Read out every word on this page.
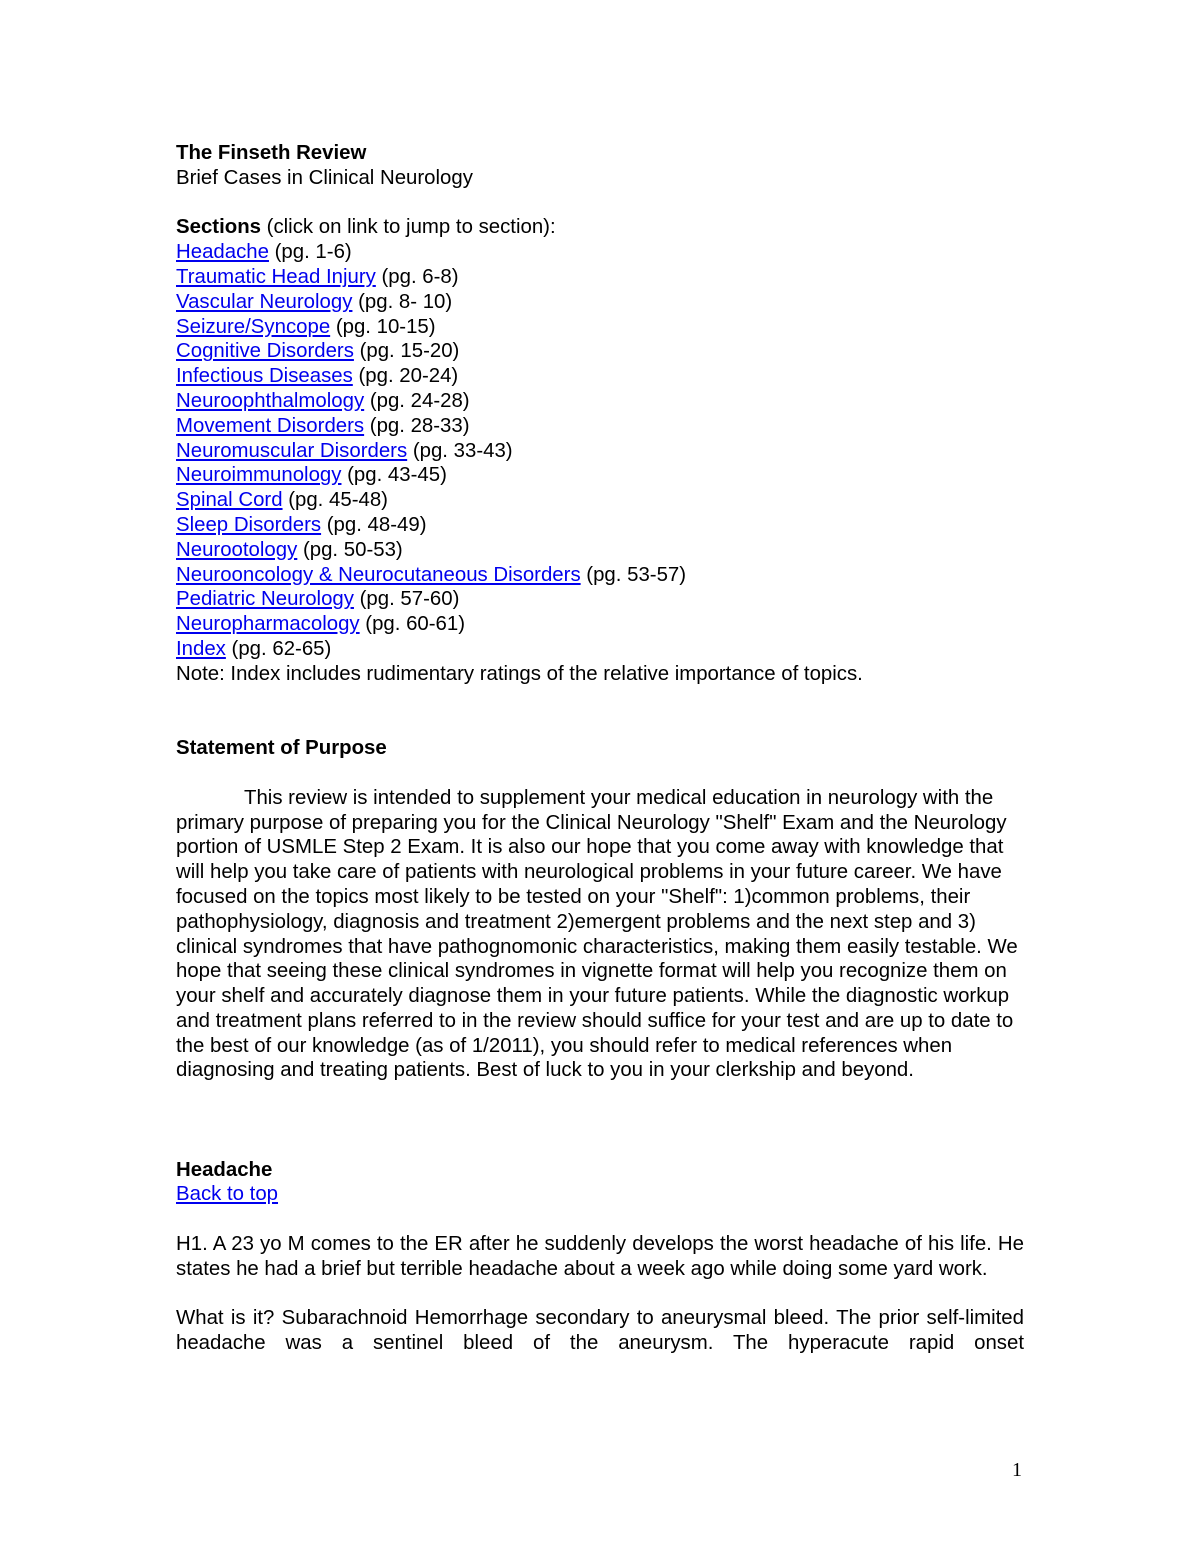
The Finseth Review
Brief Cases in Clinical Neurology
Sections (click on link to jump to section):
Headache (pg. 1-6)
Traumatic Head Injury (pg. 6-8)
Vascular Neurology (pg. 8- 10)
Seizure/Syncope (pg. 10-15)
Cognitive Disorders (pg. 15-20)
Infectious Diseases (pg. 20-24)
Neuroophthalmology (pg. 24-28)
Movement Disorders (pg. 28-33)
Neuromuscular Disorders (pg. 33-43)
Neuroimmunology (pg. 43-45)
Spinal Cord (pg. 45-48)
Sleep Disorders (pg. 48-49)
Neurootology (pg. 50-53)
Neurooncology & Neurocutaneous Disorders (pg. 53-57)
Pediatric Neurology (pg. 57-60)
Neuropharmacology (pg. 60-61)
Index (pg. 62-65)
Note: Index includes rudimentary ratings of the relative importance of topics.
Statement of Purpose
This review is intended to supplement your medical education in neurology with the primary purpose of preparing you for the Clinical Neurology "Shelf" Exam and the Neurology portion of USMLE Step 2 Exam. It is also our hope that you come away with knowledge that will help you take care of patients with neurological problems in your future career. We have focused on the topics most likely to be tested on your "Shelf": 1)common problems, their pathophysiology, diagnosis and treatment 2)emergent problems and the next step and 3) clinical syndromes that have pathognomonic characteristics, making them easily testable. We hope that seeing these clinical syndromes in vignette format will help you recognize them on your shelf and accurately diagnose them in your future patients. While the diagnostic workup and treatment plans referred to in the review should suffice for your test and are up to date to the best of our knowledge (as of 1/2011), you should refer to medical references when diagnosing and treating patients. Best of luck to you in your clerkship and beyond.
Headache
Back to top
H1. A 23 yo M comes to the ER after he suddenly develops the worst headache of his life. He states he had a brief but terrible headache about a week ago while doing some yard work.
What is it? Subarachnoid Hemorrhage secondary to aneurysmal bleed. The prior self-limited headache was a sentinel bleed of the aneurysm. The hyperacute rapid onset
1
